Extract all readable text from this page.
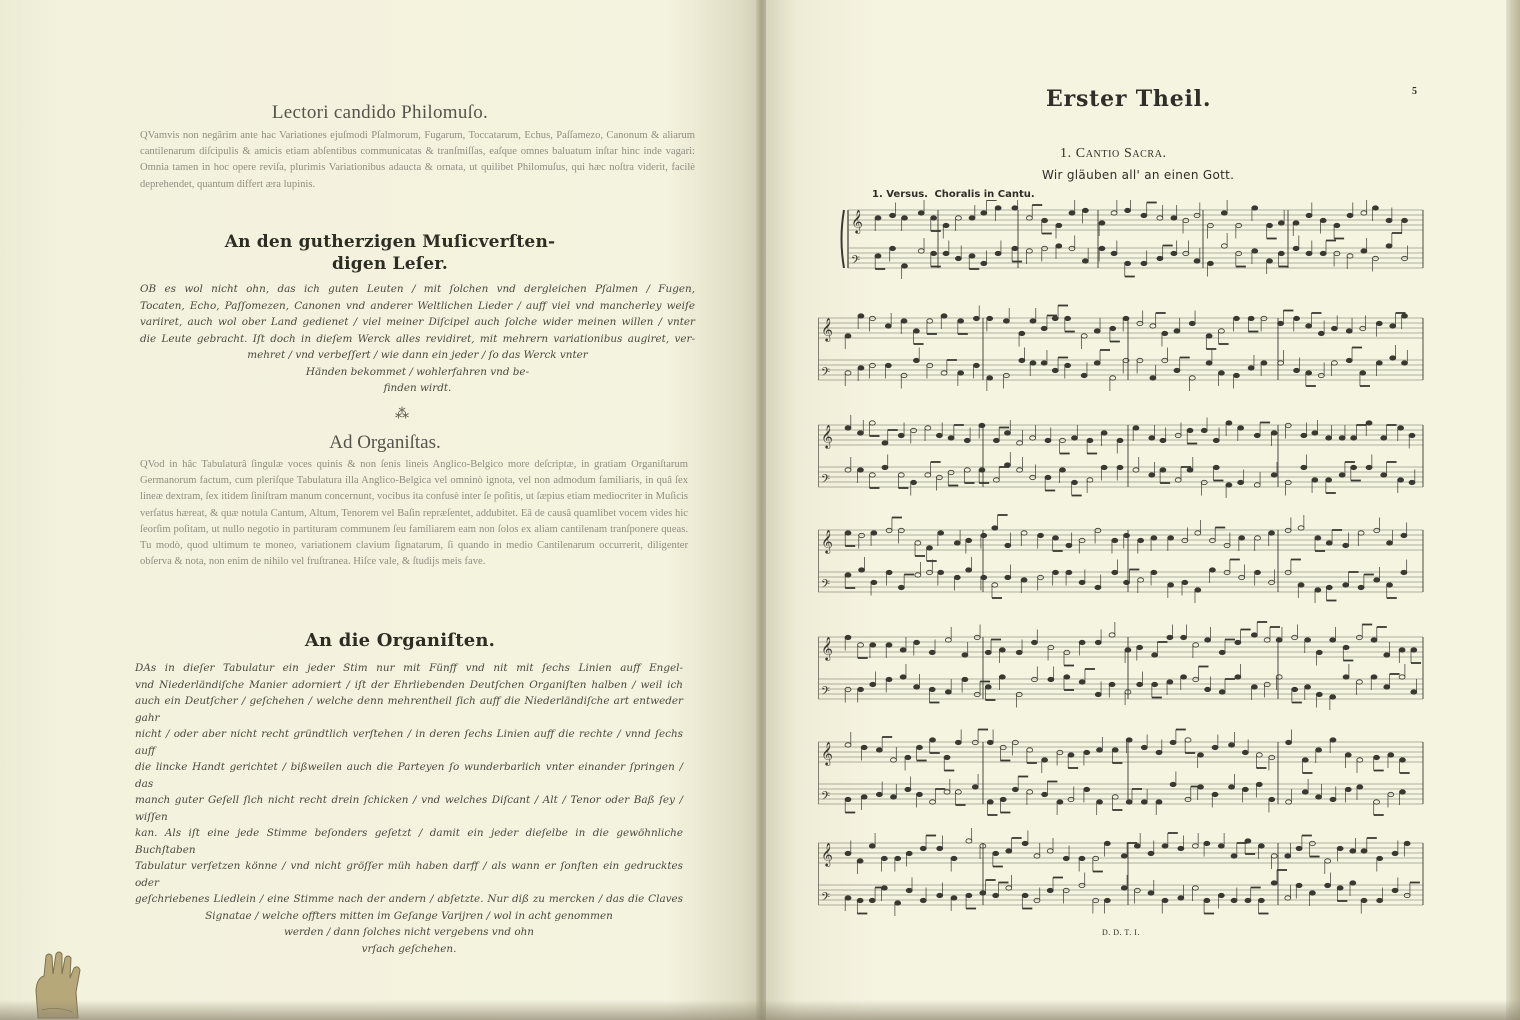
Lectori candido Philomuſo.
QVamvis non negârim ante hac Variationes ejuſmodi Pſalmorum, Fugarum, Toccatarum, Echus, Paſſamezo, Canonum & aliarum cantilenarum diſcipulis & amicis etiam abſentibus communicatas & tranſmiſſas, eaſque omnes baluatum inſtar hinc inde vagari: Omnia tamen in hoc opere reviſa, plurimis Variationibus adaucta & ornata, ut quilibet Philomuſus, qui hæc noſtra viderit, facilè deprehendet, quantum differt æra lupinis.
An den gutherzigen Muſicverſten-
digen Leſer.
OB es wol nicht ohn, das ich guten Leuten / mit ſolchen vnd dergleichen Pſalmen / Fugen,
Tocaten, Echo, Paſſomezen, Canonen vnd anderer Weltlichen Lieder / auff viel vnd mancherley weiſe
variiret, auch wol ober Land gedienet / viel meiner Diſcipel auch ſolche wider meinen willen / vnter
die Leute gebracht. Iſt doch in dieſem Werck alles revidiret, mit mehrern variationibus augiret, ver-
mehret / vnd verbeſſert / wie dann ein jeder / ſo das Werck vnter
Händen bekommet / wohlerfahren vnd be-
finden wirdt.
⁂
Ad Organiſtas.
QVod in hâc Tabulaturâ ſingulæ voces quinis & non ſenis lineis Anglico-Belgico more deſcriptæ, in gratiam Organiſtarum Germanorum factum, cum pleriſque Tabulatura illa Anglico-Belgica vel omninò ignota, vel non admodum familiaris, in quâ ſex lineæ dextram, ſex itidem ſiniſtram manum concernunt, vocibus ita confusè inter ſe poſitis, ut ſæpius etiam mediocriter in Muſicis verſatus hæreat, & quæ notula Cantum, Altum, Tenorem vel Baſin repræſentet, addubitet. Eâ de causâ quamlibet vocem vides hic ſeorſim poſitam, ut nullo negotio in partituram communem ſeu familiarem eam non ſolos ex aliam cantilenam tranſponere queas. Tu modò, quod ultimum te moneo, variationem clavium ſignatarum, ſi quando in medio Cantilenarum occurrerit, diligenter obſerva & nota, non enim de nihilo vel fruſtranea. Hiſce vale, & ſtudijs meis fave.
An die Organiſten.
DAs in dieſer Tabulatur ein jeder Stim nur mit Fünff vnd nit mit ſechs Linien auff Engel-
vnd Niederländiſche Manier adorniert / iſt der Ehrliebenden Deutſchen Organiſten halben / weil ich
auch ein Deutſcher / geſchehen / welche denn mehrentheil ſich auff die Niederländiſche art entweder gahr
nicht / oder aber nicht recht gründtlich verſtehen / in deren ſechs Linien auff die rechte / vnnd ſechs auff
die lincke Handt gerichtet / bißweilen auch die Parteyen ſo wunderbarlich vnter einander ſpringen / das
manch guter Geſell ſich nicht recht drein ſchicken / vnd welches Diſcant / Alt / Tenor oder Baß ſey / wiſſen
kan. Als iſt eine jede Stimme beſonders geſetzt / damit ein jeder dieſelbe in die gewöhnliche Buchſtaben
Tabulatur verſetzen könne / vnd nicht gröſſer müh haben darff / als wann er ſonſten ein gedrucktes oder
geſchriebenes Liedlein / eine Stimme nach der andern / abſetzte. Nur diß zu mercken / das die Claves
Signatae / welche offters mitten im Geſange Varijren / wol in acht genommen
werden / dann ſolches nicht vergebens vnd ohn
vrſach geſchehen.
Erster Theil.	5
1. Cantio Sacra.
Wir gläuben all' an einen Gott.
1. Versus. Choralis in Cantu.
𝄞
𝄢
𝄞
𝄢
𝄞
𝄢
𝄞
𝄢
𝄞
𝄢
𝄞
𝄢
𝄞
𝄢
D. D. T. I.
